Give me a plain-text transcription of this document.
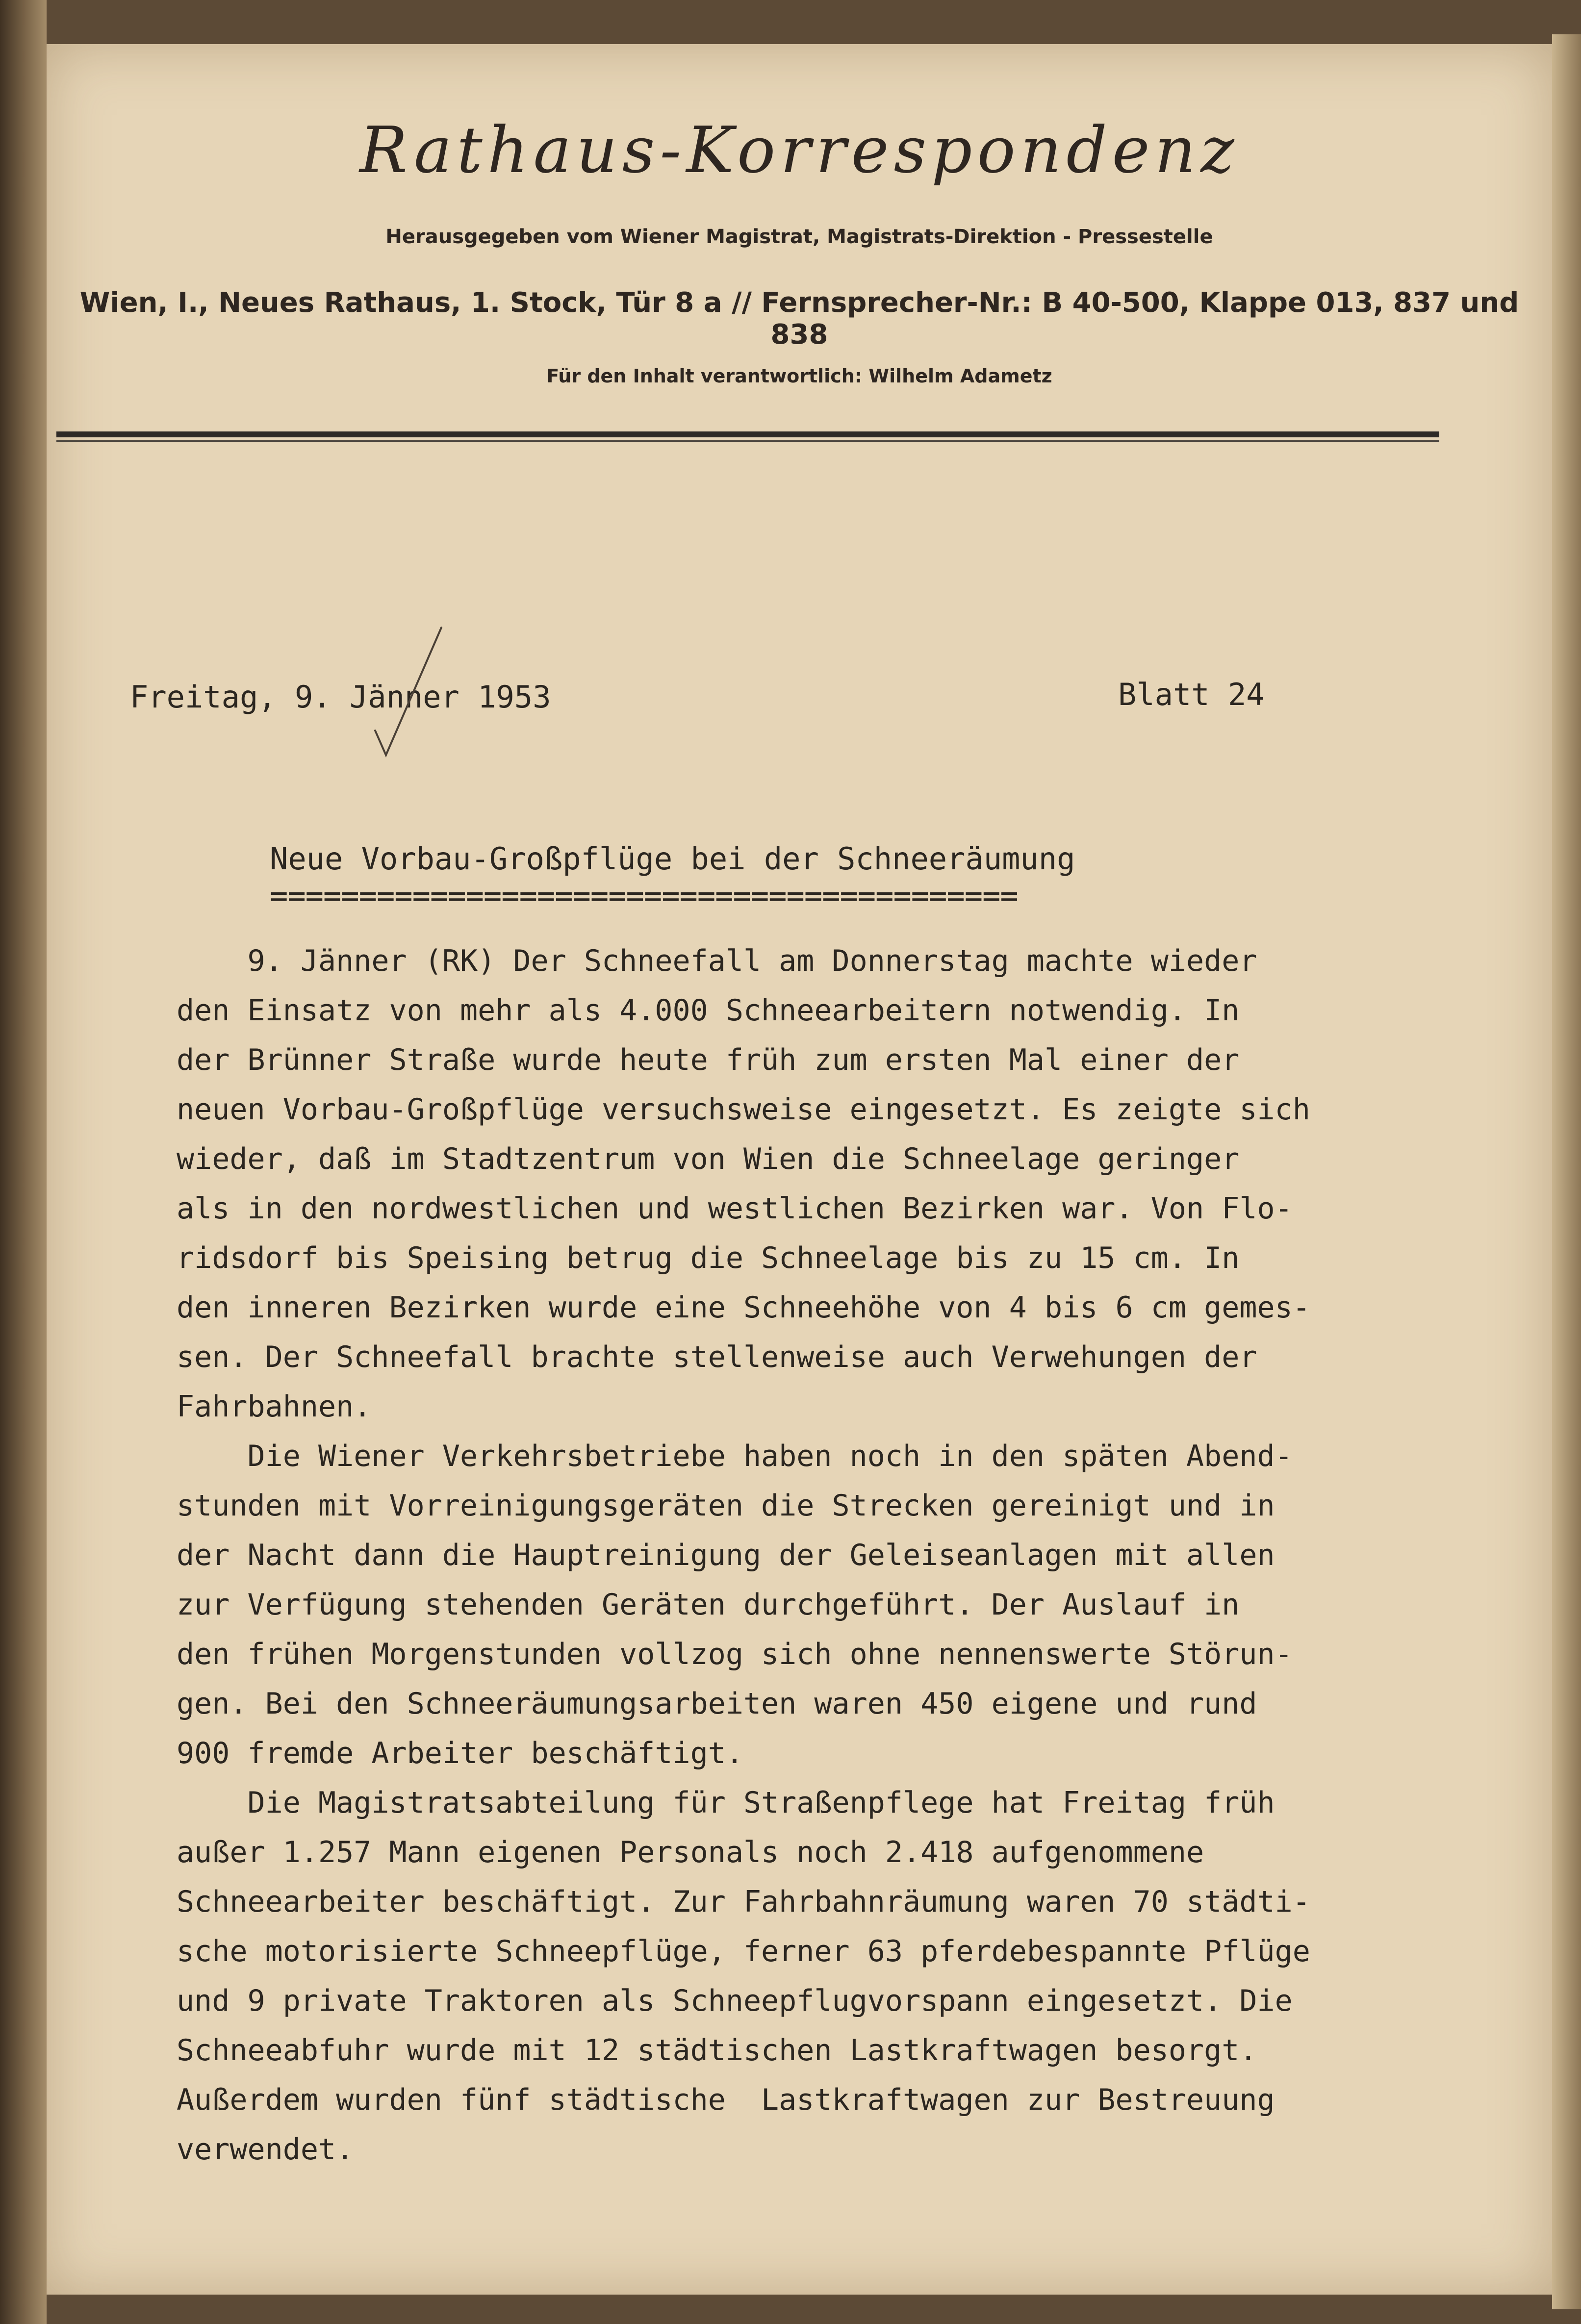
Rathaus-Korrespondenz
Herausgegeben vom Wiener Magistrat, Magistrats-Direktion - Pressestelle
Wien, I., Neues Rathaus, 1. Stock, Tür 8 a // Fernsprecher-Nr.: B 40-500, Klappe 013, 837 und 838
Für den Inhalt verantwortlich: Wilhelm Adametz
Freitag, 9. Jänner 1953	Blatt 24
Neue Vorbau-Großpflüge bei der Schneeräumung
==========================================
9. Jänner (RK) Der Schneefall am Donnerstag machte wieder
den Einsatz von mehr als 4.000 Schneearbeitern notwendig. In
der Brünner Straße wurde heute früh zum ersten Mal einer der
neuen Vorbau-Großpflüge versuchsweise eingesetzt. Es zeigte sich
wieder, daß im Stadtzentrum von Wien die Schneelage geringer
als in den nordwestlichen und westlichen Bezirken war. Von Flo-
ridsdorf bis Speising betrug die Schneelage bis zu 15 cm. In
den inneren Bezirken wurde eine Schneehöhe von 4 bis 6 cm gemes-
sen. Der Schneefall brachte stellenweise auch Verwehungen der
Fahrbahnen.
Die Wiener Verkehrsbetriebe haben noch in den späten Abend-
stunden mit Vorreinigungsgeräten die Strecken gereinigt und in
der Nacht dann die Hauptreinigung der Geleiseanlagen mit allen
zur Verfügung stehenden Geräten durchgeführt. Der Auslauf in
den frühen Morgenstunden vollzog sich ohne nennenswerte Störun-
gen. Bei den Schneeräumungsarbeiten waren 450 eigene und rund
900 fremde Arbeiter beschäftigt.
Die Magistratsabteilung für Straßenpflege hat Freitag früh
außer 1.257 Mann eigenen Personals noch 2.418 aufgenommene
Schneearbeiter beschäftigt. Zur Fahrbahnräumung waren 70 städti-
sche motorisierte Schneepflüge, ferner 63 pferdebespannte Pflüge
und 9 private Traktoren als Schneepflugvorspann eingesetzt. Die
Schneeabfuhr wurde mit 12 städtischen Lastkraftwagen besorgt.
Außerdem wurden fünf städtische  Lastkraftwagen zur Bestreuung
verwendet.
